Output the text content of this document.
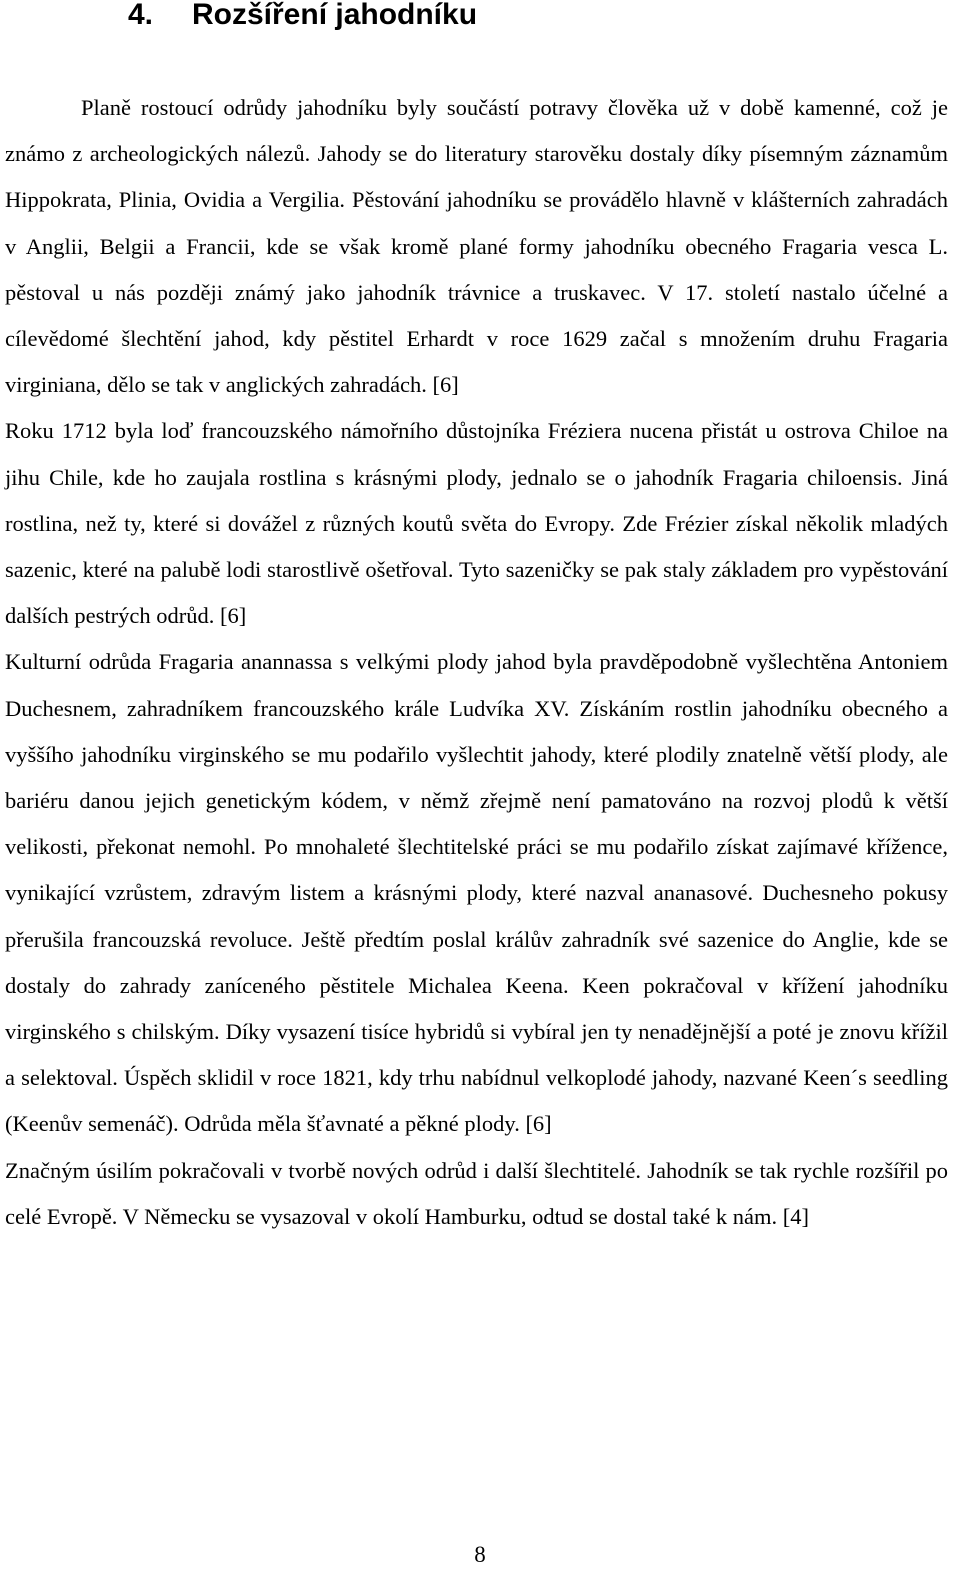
4. Rozšíření jahodníku

Planě rostoucí odrůdy jahodníku byly součástí potravy člověka už v době kamenné, což je známo z archeologických nálezů. Jahody se do literatury starověku dostaly díky písemným záznamům Hippokrata, Plinia, Ovidia a Vergilia. Pěstování jahodníku se provádělo hlavně v klášterních zahradách v Anglii, Belgii a Francii, kde se však kromě plané formy jahodníku obecného Fragaria vesca L. pěstoval u nás později známý jako jahodník trávnice a truskavec. V 17. století nastalo účelné a cílevědomé šlechtění jahod, kdy pěstitel Erhardt v roce 1629 začal s množením druhu Fragaria virginiana, dělo se tak v anglických zahradách. [6]

Roku 1712 byla loď francouzského námořního důstojníka Fréziera nucena přistát u ostrova Chiloe na jihu Chile, kde ho zaujala rostlina s krásnými plody, jednalo se o jahodník Fragaria chiloensis. Jiná rostlina, než ty, které si dovážel z různých koutů světa do Evropy. Zde Frézier získal několik mladých sazenic, které na palubě lodi starostlivě ošetřoval. Tyto sazeničky se pak staly základem pro vypěstování dalších pestrých odrůd. [6]

Kulturní odrůda Fragaria anannassa s velkými plody jahod byla pravděpodobně vyšlechtěna Antoniem Duchesnem, zahradníkem francouzského krále Ludvíka XV. Získáním rostlin jahodníku obecného a vyššího jahodníku virginského se mu podařilo vyšlechtit jahody, které plodily znatelně větší plody, ale bariéru danou jejich genetickým kódem, v němž zřejmě není pamatováno na rozvoj plodů k větší velikosti, překonat nemohl. Po mnohaleté šlechtitelské práci se mu podařilo získat zajímavé křížence, vynikající vzrůstem, zdravým listem a krásnými plody, které nazval ananasové. Duchesneho pokusy přerušila francouzská revoluce. Ještě předtím poslal králův zahradník své sazenice do Anglie, kde se dostaly do zahrady zaníceného pěstitele Michalea Keena. Keen pokračoval v křížení jahodníku virginského s chilským. Díky vysazení tisíce hybridů si vybíral jen ty nenadějnější a poté je znovu křížil a selektoval. Úspěch sklidil v roce 1821, kdy trhu nabídnul velkoplodé jahody, nazvané Keen´s seedling (Keenův semenáč). Odrůda měla šťavnaté a pěkné plody. [6]

Značným úsilím pokračovali v tvorbě nových odrůd i další šlechtitelé. Jahodník se tak rychle rozšířil po celé Evropě. V Německu se vysazoval v okolí Hamburku, odtud se dostal také k nám. [4]

8
